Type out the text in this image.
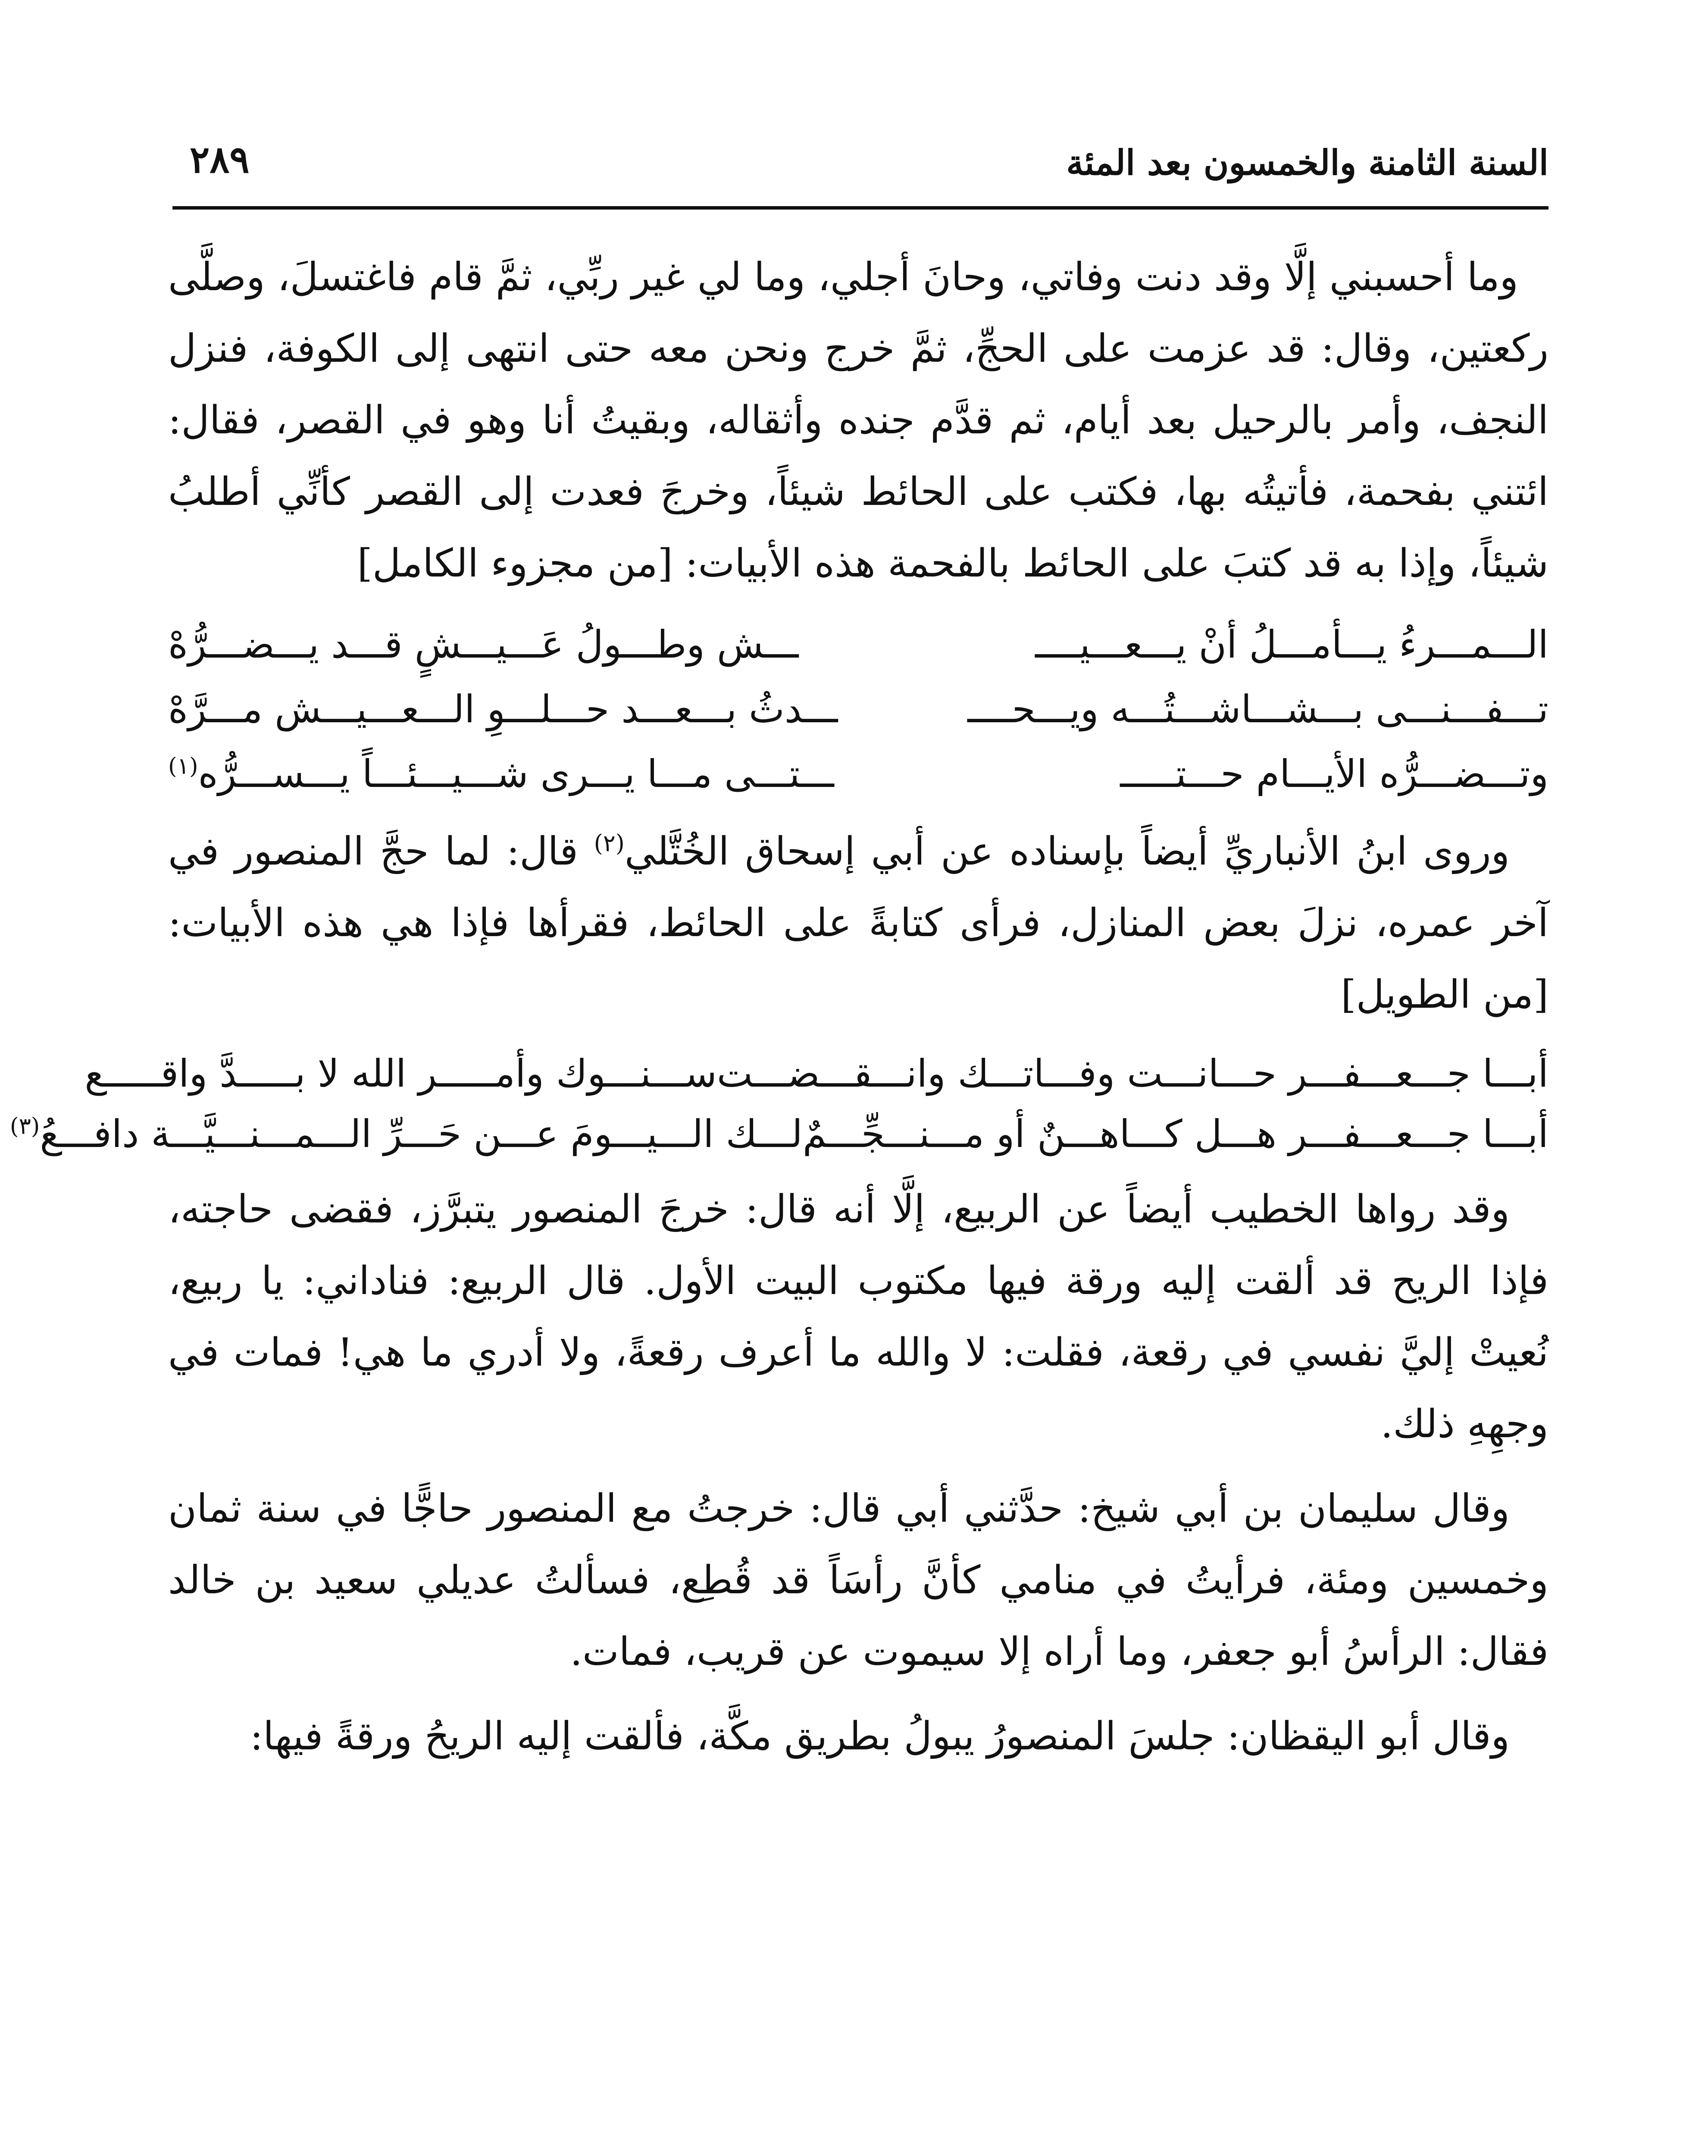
السنة الثامنة والخمسون بعد المئة
٢٨٩

وما أحسبني إلَّا وقد دنت وفاتي، وحانَ أجلي، وما لي غير ربِّي، ثمَّ قام فاغتسلَ، وصلَّى ركعتين، وقال: قد عزمت على الحجِّ، ثمَّ خرج ونحن معه حتى انتهى إلى الكوفة، فنزل النجف، وأمر بالرحيل بعد أيام، ثم قدَّم جنده وأثقاله، وبقيتُ أنا وهو في القصر، فقال: ائتني بفحمة، فأتيتُه بها، فكتب على الحائط شيئاً، وخرجَ فعدت إلى القصر كأنِّي أطلبُ شيئاً، وإذا به قد كتبَ على الحائط بالفحمة هذه الأبيات: [من مجزوء الكامل]

الـــمـــرءُ يـــأمـــلُ أنْ يـــعـــيــــ
ـــش وطـــولُ عَـــيـــشٍ قـــد يـــضـــرُّهْ
تـــفـــنـــى بـــشـــاشـــتُـــه ويـــحــــ
ـــدثُ بـــعـــد حـــلـــوِ الـــعـــيـــش مـــرَّهْ
وتـــضـــرُّه الأيـــام حـــتـــــ
ـــتـــى مـــا يـــرى شـــيـــئـــاً يـــســـرُّه$^{(١)}$

وروى ابنُ الأنباريِّ أيضاً بإسناده عن أبي إسحاق الخُتَّلي$^{(٢)}$ قال: لما حجَّ المنصور في آخر عمره، نزلَ بعض المنازل، فرأى كتابةً على الحائط، فقرأها فإذا هي هذه الأبيات: [من الطويل]

أبـــا جـــعـــفـــر حـــانـــت وفـــاتـــك وانـــقـــضـــت
ســـنـــوك وأمـــــر الله لا بـــــدَّ واقـــــع
أبـــا جـــعـــفـــر هـــل كـــاهـــنٌ أو مـــنـــجِّـــمٌ
لـــك الـــيـــومَ عـــن حَـــرِّ الـــمـــنـــيَّـــة دافـــعُ$^{(٣)}$

وقد رواها الخطيب أيضاً عن الربيع، إلَّا أنه قال: خرجَ المنصور يتبرَّز، فقضى حاجته، فإذا الريح قد ألقت إليه ورقة فيها مكتوب البيت الأول. قال الربيع: فناداني: يا ربيع، نُعيتْ إليَّ نفسي في رقعة، فقلت: لا والله ما أعرف رقعةً، ولا أدري ما هي! فمات في وجهِهِ ذلك.

وقال سليمان بن أبي شيخ: حدَّثني أبي قال: خرجتُ مع المنصور حاجًّا في سنة ثمان وخمسين ومئة، فرأيتُ في منامي كأنَّ رأسَاً قد قُطِع، فسألتُ عديلي سعيد بن خالد فقال: الرأسُ أبو جعفر، وما أراه إلا سيموت عن قريب، فمات.

وقال أبو اليقظان: جلسَ المنصورُ يبولُ بطريق مكَّة، فألقت إليه الريحُ ورقةً فيها:
